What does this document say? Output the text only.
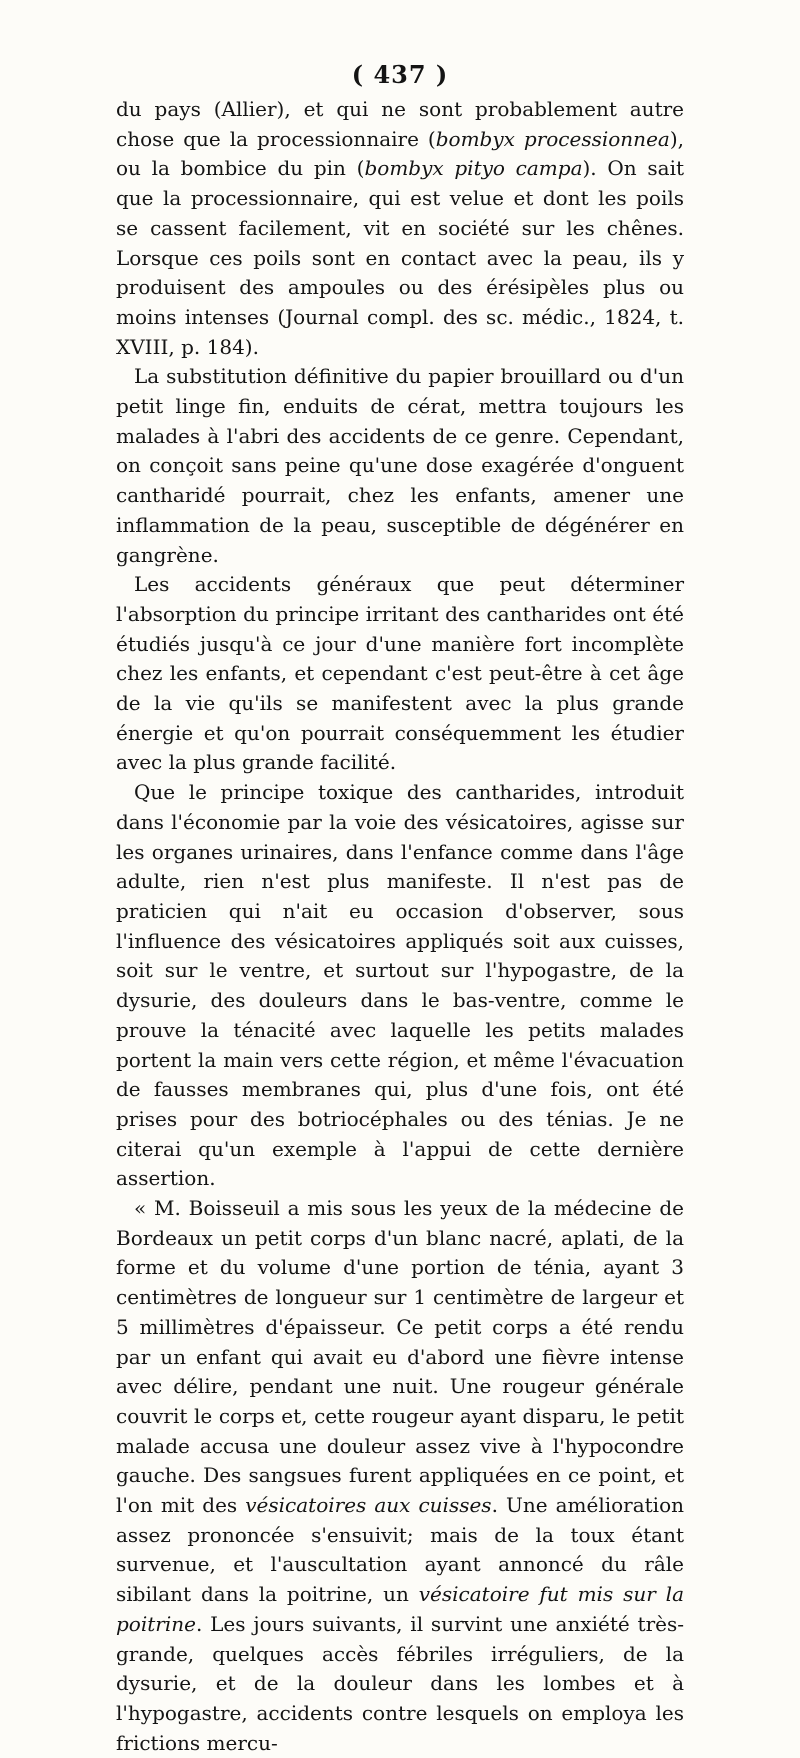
( 437 )

du pays (Allier), et qui ne sont probablement autre chose que la processionnaire (bombyx processionnea), ou la bombice du pin (bombyx pityo campa). On sait que la processionnaire, qui est velue et dont les poils se cassent facilement, vit en société sur les chênes. Lorsque ces poils sont en contact avec la peau, ils y produisent des ampoules ou des érésipèles plus ou moins intenses (Journal compl. des sc. médic., 1824, t. XVIII, p. 184).

La substitution définitive du papier brouillard ou d'un petit linge fin, enduits de cérat, mettra toujours les malades à l'abri des accidents de ce genre. Cependant, on conçoit sans peine qu'une dose exagérée d'onguent cantharidé pourrait, chez les enfants, amener une inflammation de la peau, susceptible de dégénérer en gangrène.

Les accidents généraux que peut déterminer l'absorption du principe irritant des cantharides ont été étudiés jusqu'à ce jour d'une manière fort incomplète chez les enfants, et cependant c'est peut-être à cet âge de la vie qu'ils se manifestent avec la plus grande énergie et qu'on pourrait conséquemment les étudier avec la plus grande facilité.

Que le principe toxique des cantharides, introduit dans l'économie par la voie des vésicatoires, agisse sur les organes urinaires, dans l'enfance comme dans l'âge adulte, rien n'est plus manifeste. Il n'est pas de praticien qui n'ait eu occasion d'observer, sous l'influence des vésicatoires appliqués soit aux cuisses, soit sur le ventre, et surtout sur l'hypogastre, de la dysurie, des douleurs dans le bas-ventre, comme le prouve la ténacité avec laquelle les petits malades portent la main vers cette région, et même l'évacuation de fausses membranes qui, plus d'une fois, ont été prises pour des botriocéphales ou des ténias. Je ne citerai qu'un exemple à l'appui de cette dernière assertion.

« M. Boisseuil a mis sous les yeux de la médecine de Bordeaux un petit corps d'un blanc nacré, aplati, de la forme et du volume d'une portion de ténia, ayant 3 centimètres de longueur sur 1 centimètre de largeur et 5 millimètres d'épaisseur. Ce petit corps a été rendu par un enfant qui avait eu d'abord une fièvre intense avec délire, pendant une nuit. Une rougeur générale couvrit le corps et, cette rougeur ayant disparu, le petit malade accusa une douleur assez vive à l'hypocondre gauche. Des sangsues furent appliquées en ce point, et l'on mit des vésicatoires aux cuisses. Une amélioration assez prononcée s'ensuivit; mais de la toux étant survenue, et l'auscultation ayant annoncé du râle sibilant dans la poitrine, un vésicatoire fut mis sur la poitrine. Les jours suivants, il survint une anxiété très-grande, quelques accès fébriles irréguliers, de la dysurie, et de la douleur dans les lombes et à l'hypogastre, accidents contre lesquels on employa les frictions mercu-
